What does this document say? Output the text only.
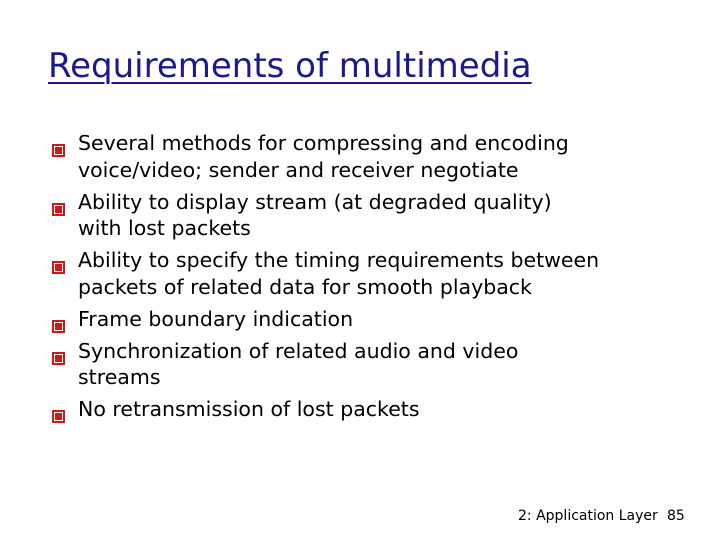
Requirements of multimedia
Several methods for compressing and encoding
voice/video; sender and receiver negotiate
Ability to display stream (at degraded quality)
with lost packets
Ability to specify the timing requirements between
packets of related data for smooth playback
Frame boundary indication
Synchronization of related audio and video
streams
No retransmission of lost packets
2: Application Layer 85
